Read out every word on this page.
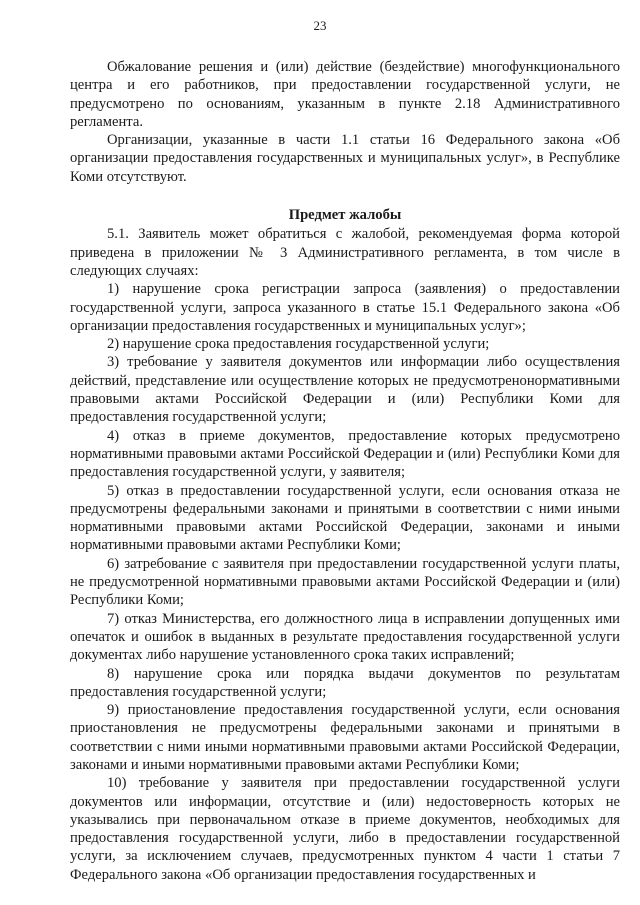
23

Обжалование решения и (или) действие (бездействие) многофункционального центра и его работников, при предоставлении государственной услуги, не предусмотрено по основаниям, указанным в пункте 2.18 Административного регламента.

Организации, указанные в части 1.1 статьи 16 Федерального закона «Об организации предоставления государственных и муниципальных услуг», в Республике Коми отсутствуют.

Предмет жалобы

5.1. Заявитель может обратиться с жалобой, рекомендуемая форма которой приведена в приложении № 3 Административного регламента, в том числе в следующих случаях:

1) нарушение срока регистрации запроса (заявления) о предоставлении государственной услуги, запроса указанного в статье 15.1 Федерального закона «Об организации предоставления государственных и муниципальных услуг»;

2) нарушение срока предоставления государственной услуги;

3) требование у заявителя документов или информации либо осуществления действий, представление или осуществление которых не предусмотренонормативными правовыми актами Российской Федерации и (или) Республики Коми для предоставления государственной услуги;

4) отказ в приеме документов, предоставление которых предусмотрено нормативными правовыми актами Российской Федерации и (или) Республики Коми для предоставления государственной услуги, у заявителя;

5) отказ в предоставлении государственной услуги, если основания отказа не предусмотрены федеральными законами и принятыми в соответствии с ними иными нормативными правовыми актами Российской Федерации, законами и иными нормативными правовыми актами Республики Коми;

6) затребование с заявителя при предоставлении государственной услуги платы, не предусмотренной нормативными правовыми актами Российской Федерации и (или) Республики Коми;

7) отказ Министерства, его должностного лица в исправлении допущенных ими опечаток и ошибок в выданных в результате предоставления государственной услуги документах либо нарушение установленного срока таких исправлений;

8) нарушение срока или порядка выдачи документов по результатам предоставления государственной услуги;

9) приостановление предоставления государственной услуги, если основания приостановления не предусмотрены федеральными законами и принятыми в соответствии с ними иными нормативными правовыми актами Российской Федерации, законами и иными нормативными правовыми актами Республики Коми;

10) требование у заявителя при предоставлении государственной услуги документов или информации, отсутствие и (или) недостоверность которых не указывались при первоначальном отказе в приеме документов, необходимых для предоставления государственной услуги, либо в предоставлении государственной услуги, за исключением случаев, предусмотренных пунктом 4 части 1 статьи 7 Федерального закона «Об организации предоставления государственных и
